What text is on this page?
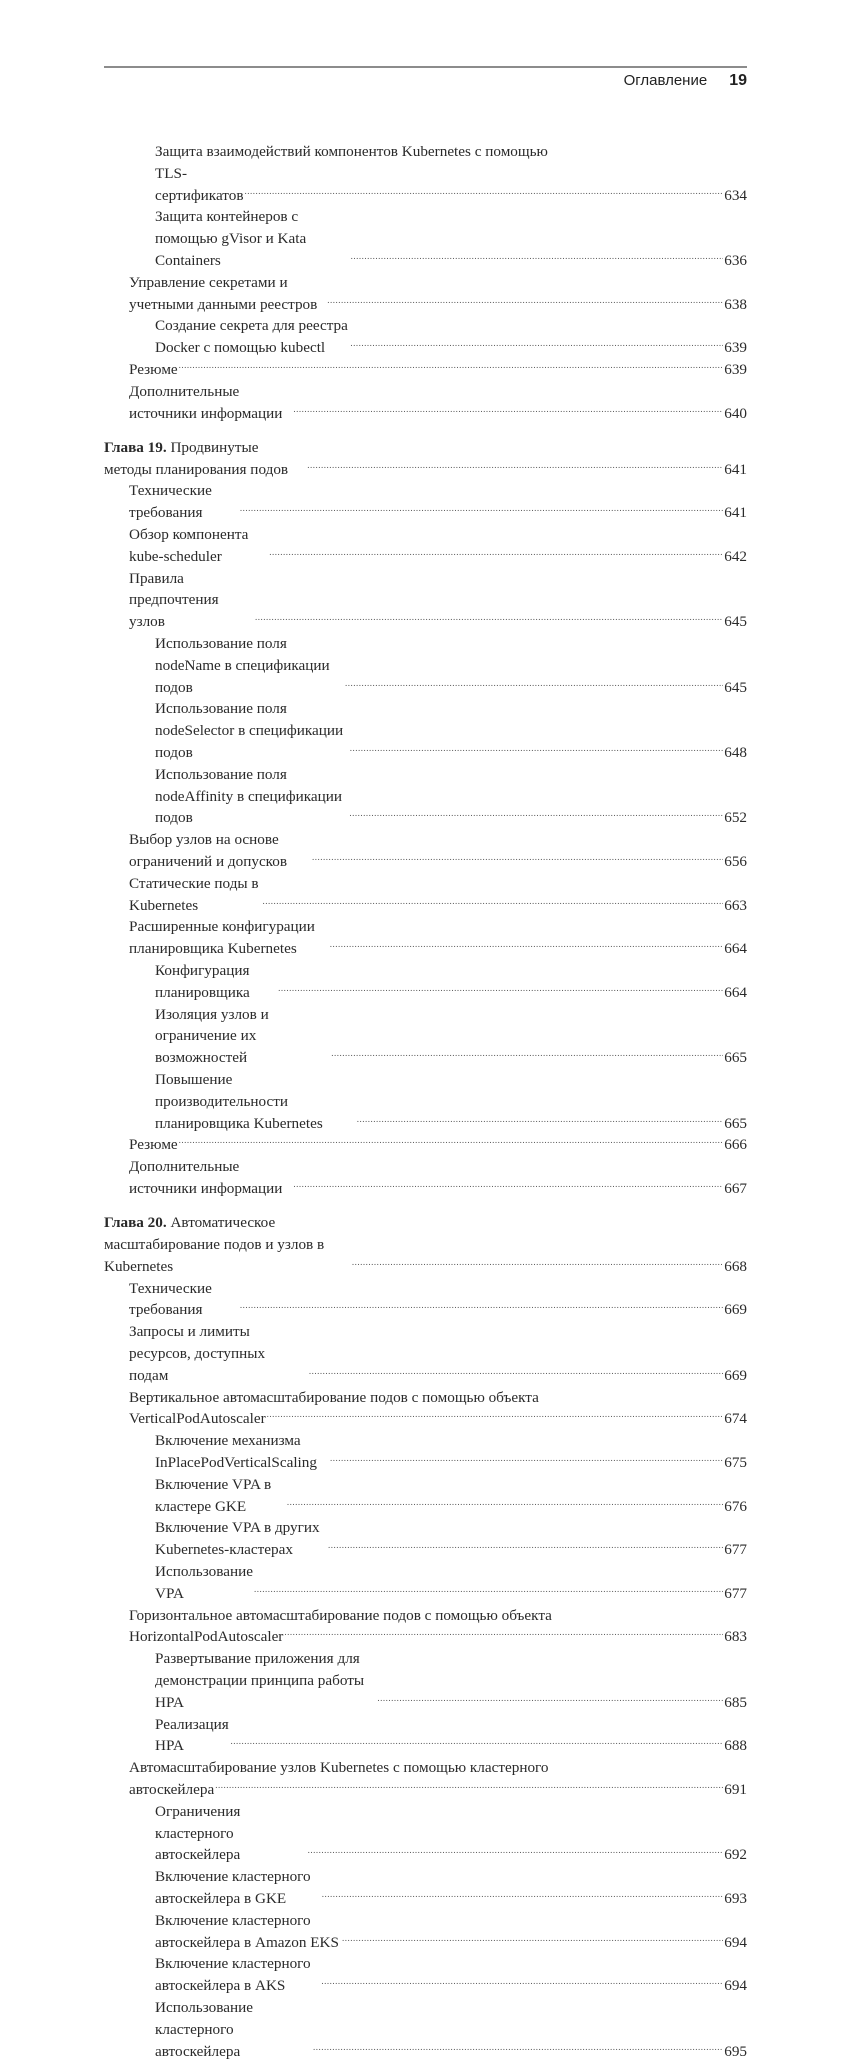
Оглавление 19
Защита взаимодействий компонентов Kubernetes с помощью
TLS-сертификатов .....	634
Защита контейнеров с помощью gVisor и Kata Containers .....	636
Управление секретами и учетными данными реестров .....	638
Создание секрета для реестра Docker с помощью kubectl .....	639
Резюме .....	639
Дополнительные источники информации .....	640
Глава 19. Продвинутые методы планирования подов .....	641
Технические требования .....	641
Обзор компонента kube-scheduler .....	642
Правила предпочтения узлов .....	645
Использование поля nodeName в спецификации подов .....	645
Использование поля nodeSelector в спецификации подов .....	648
Использование поля nodeAffinity в спецификации подов .....	652
Выбор узлов на основе ограничений и допусков .....	656
Статические поды в Kubernetes .....	663
Расширенные конфигурации планировщика Kubernetes .....	664
Конфигурация планировщика .....	664
Изоляция узлов и ограничение их возможностей .....	665
Повышение производительности планировщика Kubernetes .....	665
Резюме .....	666
Дополнительные источники информации .....	667
Глава 20. Автоматическое масштабирование подов и узлов в Kubernetes .....	668
Технические требования .....	669
Запросы и лимиты ресурсов, доступных подам .....	669
Вертикальное автомасштабирование подов с помощью объекта
VerticalPodAutoscaler .....	674
Включение механизма InPlacePodVerticalScaling .....	675
Включение VPA в кластере GKE .....	676
Включение VPA в других Kubernetes-кластерах .....	677
Использование VPA .....	677
Горизонтальное автомасштабирование подов с помощью объекта
HorizontalPodAutoscaler .....	683
Развертывание приложения для демонстрации принципа работы HPA .....	685
Реализация HPA .....	688
Автомасштабирование узлов Kubernetes с помощью кластерного
автоскейлера .....	691
Ограничения кластерного автоскейлера .....	692
Включение кластерного автоскейлера в GKE .....	693
Включение кластерного автоскейлера в Amazon EKS .....	694
Включение кластерного автоскейлера в AKS .....	694
Использование кластерного автоскейлера .....	695
